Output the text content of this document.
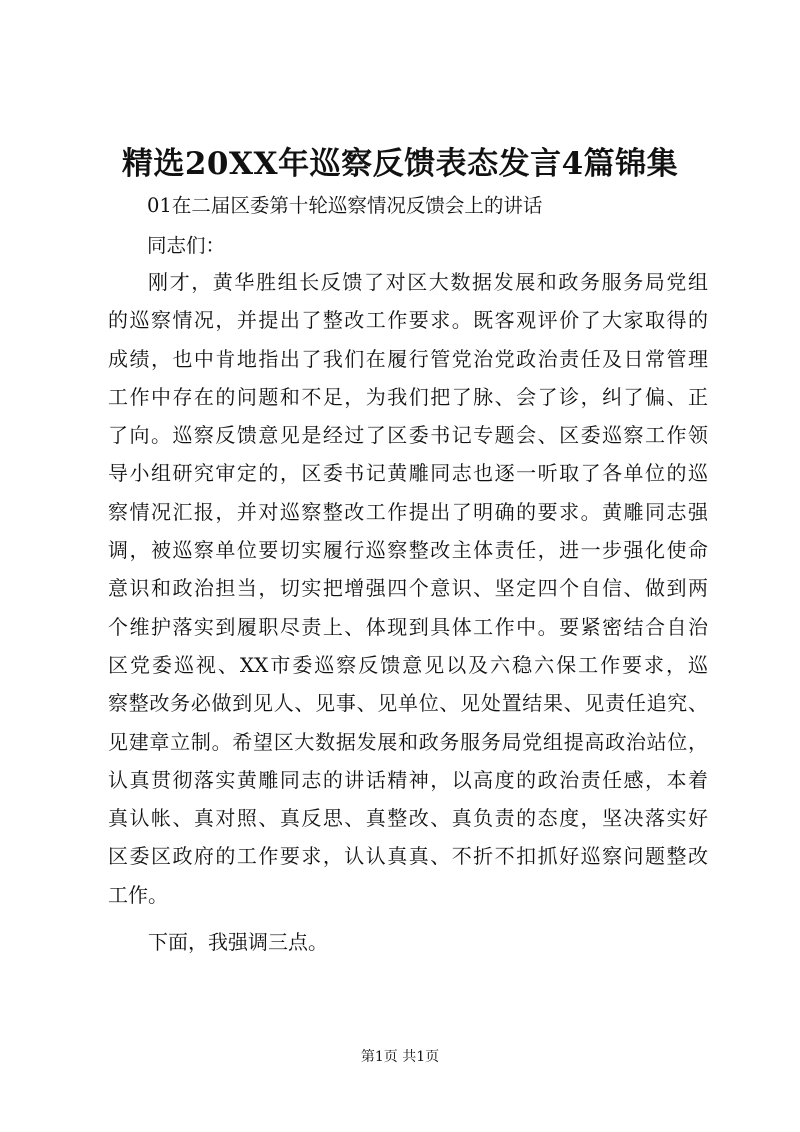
精选20XX年巡察反馈表态发言4篇锦集

01在二届区委第十轮巡察情况反馈会上的讲话

同志们：

刚才，黄华胜组长反馈了对区大数据发展和政务服务局党组
的巡察情况，并提出了整改工作要求。既客观评价了大家取得的
成绩，也中肯地指出了我们在履行管党治党政治责任及日常管理
工作中存在的问题和不足，为我们把了脉、会了诊，纠了偏、正
了向。巡察反馈意见是经过了区委书记专题会、区委巡察工作领
导小组研究审定的，区委书记黄雕同志也逐一听取了各单位的巡
察情况汇报，并对巡察整改工作提出了明确的要求。黄雕同志强
调，被巡察单位要切实履行巡察整改主体责任，进一步强化使命
意识和政治担当，切实把增强四个意识、坚定四个自信、做到两
个维护落实到履职尽责上、体现到具体工作中。要紧密结合自治
区党委巡视、XX市委巡察反馈意见以及六稳六保工作要求，巡
察整改务必做到见人、见事、见单位、见处置结果、见责任追究、
见建章立制。希望区大数据发展和政务服务局党组提高政治站位，
认真贯彻落实黄雕同志的讲话精神，以高度的政治责任感，本着
真认帐、真对照、真反思、真整改、真负责的态度，坚决落实好
区委区政府的工作要求，认认真真、不折不扣抓好巡察问题整改
工作。

下面，我强调三点。

第1页 共1页
